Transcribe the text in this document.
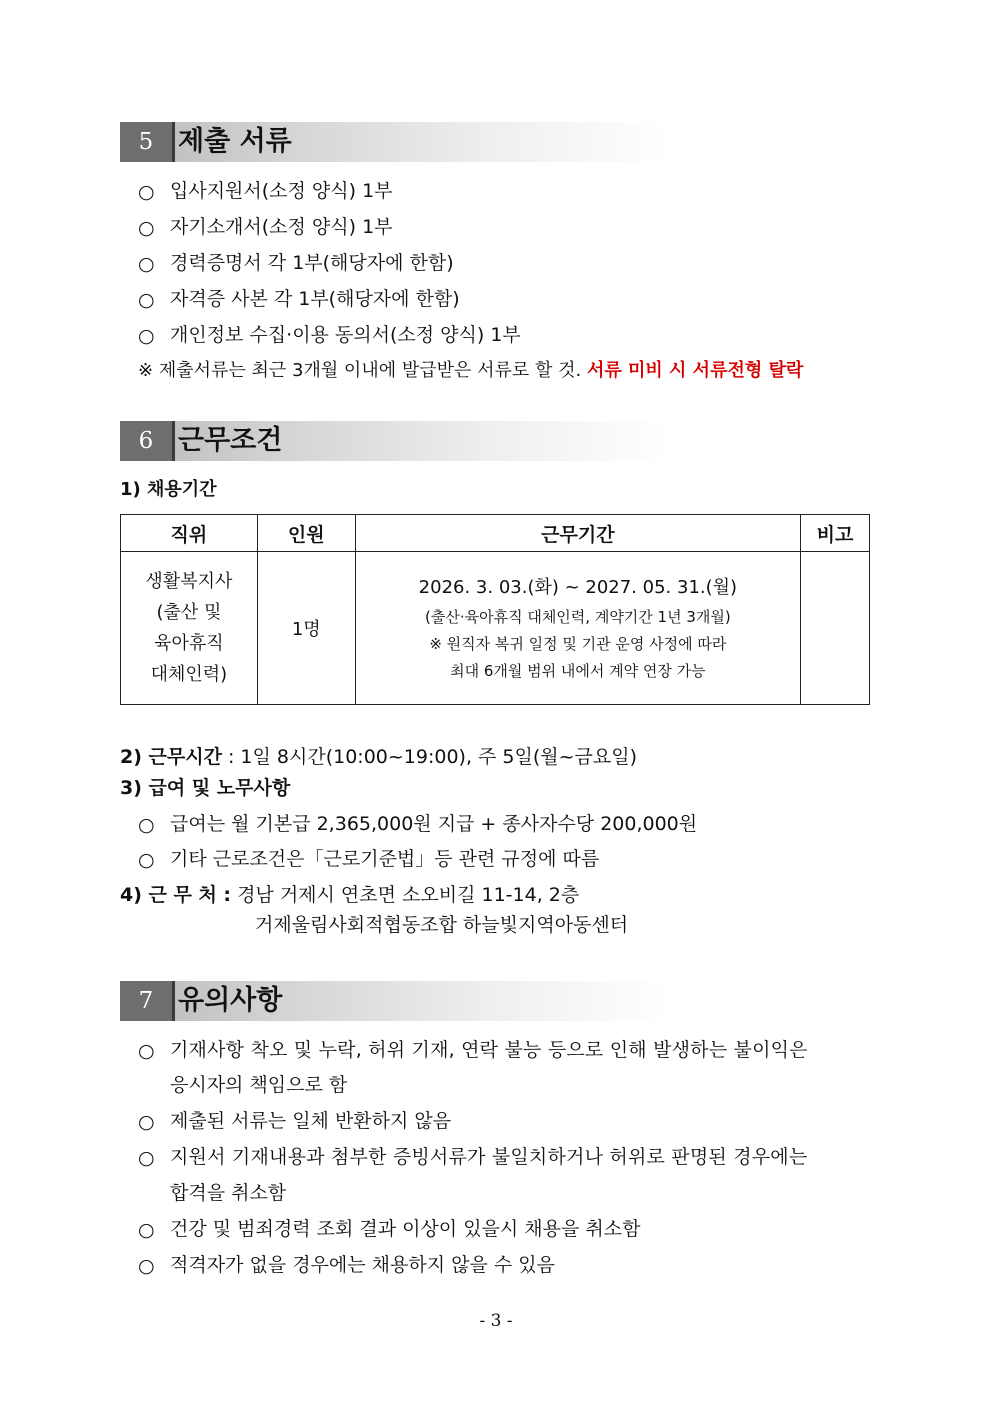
5 제출 서류
○ 입사지원서(소정 양식) 1부
○ 자기소개서(소정 양식) 1부
○ 경력증명서 각 1부(해당자에 한함)
○ 자격증 사본 각 1부(해당자에 한함)
○ 개인정보 수집·이용 동의서(소정 양식) 1부
※ 제출서류는 최근 3개월 이내에 발급받은 서류로 할 것. 서류 미비 시 서류전형 탈락
6 근무조건
1) 채용기간
직위	인원	근무기간	비고

생활복지사
(출산 및
육아휴직
대체인력)	1명	2026. 3. 03.(화) ~ 2027. 05. 31.(월)
(출산·육아휴직 대체인력, 계약기간 1년 3개월)
※ 원직자 복귀 일정 및 기관 운영 사정에 따라
최대 6개월 범위 내에서 계약 연장 가능	

2) 근무시간 : 1일 8시간(10:00~19:00), 주 5일(월~금요일)
3) 급여 및 노무사항
○ 급여는 월 기본급 2,365,000원 지급 + 종사자수당 200,000원
○ 기타 근로조건은「근로기준법」등 관련 규정에 따름
4) 근 무 처 : 경남 거제시 연초면 소오비길 11-14, 2층
거제울림사회적협동조합 하늘빛지역아동센터
7 유의사항
○ 기재사항 착오 및 누락, 허위 기재, 연락 불능 등으로 인해 발생하는 불이익은
응시자의 책임으로 함
○ 제출된 서류는 일체 반환하지 않음
○ 지원서 기재내용과 첨부한 증빙서류가 불일치하거나 허위로 판명된 경우에는
합격을 취소함
○ 건강 및 범죄경력 조회 결과 이상이 있을시 채용을 취소함
○ 적격자가 없을 경우에는 채용하지 않을 수 있음
- 3 -
